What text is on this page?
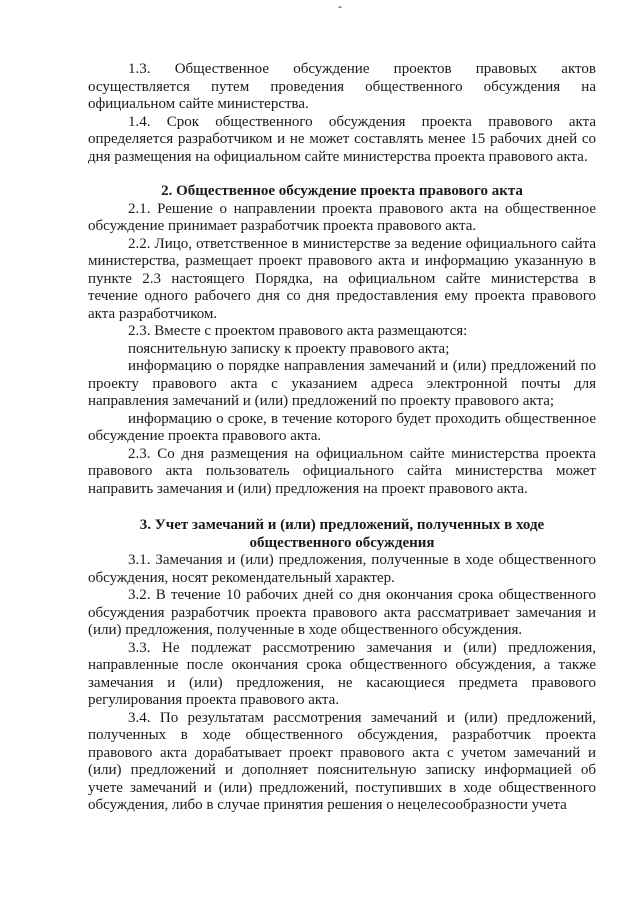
-

1.3. Общественное обсуждение проектов правовых актов осуществляется путем проведения общественного обсуждения на официальном сайте министерства.

1.4. Срок общественного обсуждения проекта правового акта определяется разработчиком и не может составлять менее 15 рабочих дней со дня размещения на официальном сайте министерства проекта правового акта.

2. Общественное обсуждение проекта правового акта

2.1. Решение о направлении проекта правового акта на общественное обсуждение принимает разработчик проекта правового акта.

2.2. Лицо, ответственное в министерстве за ведение официального сайта министерства, размещает проект правового акта и информацию указанную в пункте 2.3 настоящего Порядка, на официальном сайте министерства в течение одного рабочего дня со дня предоставления ему проекта правового акта разработчиком.

2.3. Вместе с проектом правового акта размещаются:

пояснительную записку к проекту правового акта;

информацию о порядке направления замечаний и (или) предложений по проекту правового акта с указанием адреса электронной почты для направления замечаний и (или) предложений по проекту правового акта;

информацию о сроке, в течение которого будет проходить общественное обсуждение проекта правового акта.

2.3. Со дня размещения на официальном сайте министерства проекта правового акта пользователь официального сайта министерства может направить замечания и (или) предложения на проект правового акта.

3. Учет замечаний и (или) предложений, полученных в ходе
общественного обсуждения

3.1. Замечания и (или) предложения, полученные в ходе общественного обсуждения, носят рекомендательный характер.

3.2. В течение 10 рабочих дней со дня окончания срока общественного обсуждения разработчик проекта правового акта рассматривает замечания и (или) предложения, полученные в ходе общественного обсуждения.

3.3. Не подлежат рассмотрению замечания и (или) предложения, направленные после окончания срока общественного обсуждения, а также замечания и (или) предложения, не касающиеся предмета правового регулирования проекта правового акта.

3.4. По результатам рассмотрения замечаний и (или) предложений, полученных в ходе общественного обсуждения, разработчик проекта правового акта дорабатывает проект правового акта с учетом замечаний и (или) предложений и дополняет пояснительную записку информацией об учете замечаний и (или) предложений, поступивших в ходе общественного обсуждения, либо в случае принятия решения о нецелесообразности учета
